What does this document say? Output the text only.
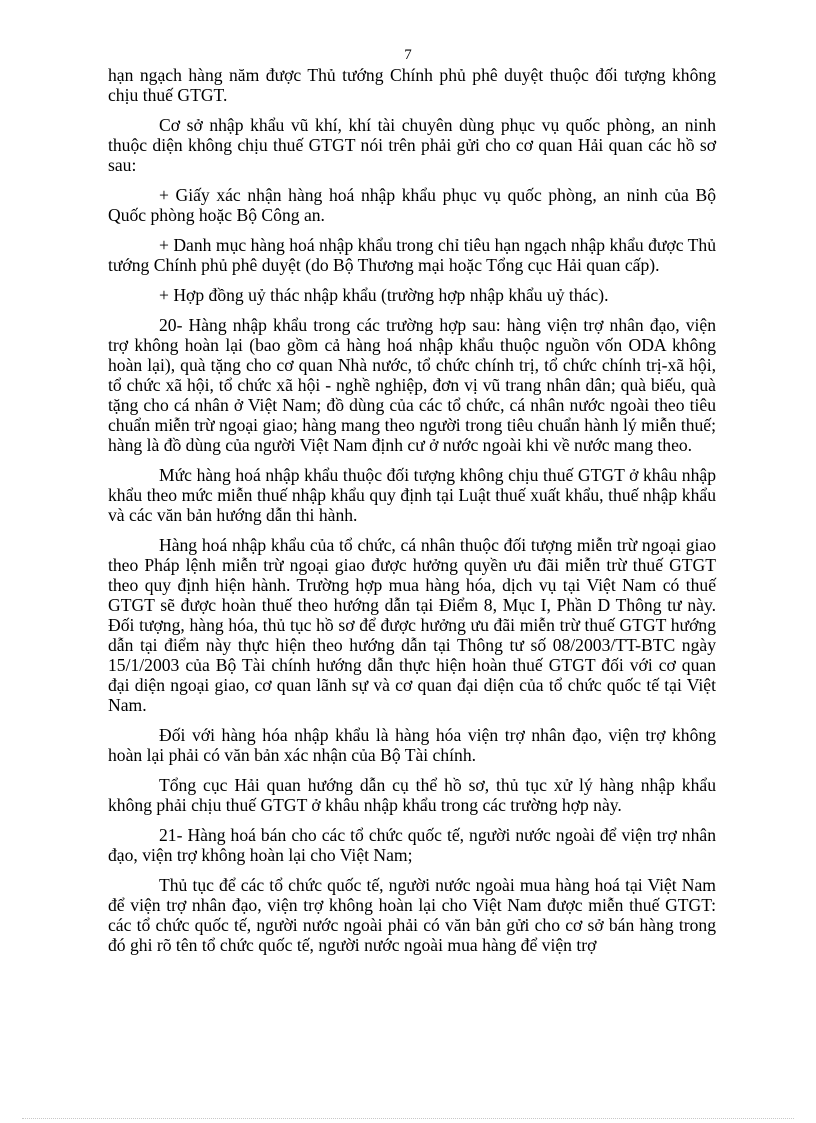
7

hạn ngạch hàng năm được Thủ tướng Chính phủ phê duyệt thuộc đối tượng không chịu thuế GTGT.

Cơ sở nhập khẩu vũ khí, khí tài chuyên dùng phục vụ quốc phòng, an ninh thuộc diện không chịu thuế GTGT nói trên phải gửi cho cơ quan Hải quan các hồ sơ sau:

+ Giấy xác nhận hàng hoá nhập khẩu phục vụ quốc phòng, an ninh của Bộ Quốc phòng hoặc Bộ Công an.

+ Danh mục hàng hoá nhập khẩu trong chỉ tiêu hạn ngạch nhập khẩu được Thủ tướng Chính phủ phê duyệt (do Bộ Thương mại hoặc Tổng cục Hải quan cấp).

+ Hợp đồng uỷ thác nhập khẩu (trường hợp nhập khẩu uỷ thác).

20- Hàng nhập khẩu trong các trường hợp sau: hàng viện trợ nhân đạo, viện trợ không hoàn lại (bao gồm cả hàng hoá nhập khẩu thuộc nguồn vốn ODA không hoàn lại), quà tặng cho cơ quan Nhà nước, tổ chức chính trị, tổ chức chính trị-xã hội, tổ chức xã hội, tổ chức xã hội - nghề nghiệp, đơn vị vũ trang nhân dân; quà biếu, quà tặng cho cá nhân ở Việt Nam; đồ dùng của các tổ chức, cá nhân nước ngoài theo tiêu chuẩn miễn trừ ngoại giao; hàng mang theo người trong tiêu chuẩn hành lý miễn thuế; hàng là đồ dùng của người Việt Nam định cư ở nước ngoài khi về nước mang theo.

Mức hàng hoá nhập khẩu thuộc đối tượng không chịu thuế GTGT ở khâu nhập khẩu theo mức miễn thuế nhập khẩu quy định tại Luật thuế xuất khẩu, thuế nhập khẩu và các văn bản hướng dẫn thi hành.

Hàng hoá nhập khẩu của tổ chức, cá nhân thuộc đối tượng miễn trừ ngoại giao theo Pháp lệnh miễn trừ ngoại giao được hưởng quyền ưu đãi miễn trừ thuế GTGT theo quy định hiện hành. Trường hợp mua hàng hóa, dịch vụ tại Việt Nam có thuế GTGT sẽ được hoàn thuế theo hướng dẫn tại Điểm 8, Mục I, Phần D Thông tư này. Đối tượng, hàng hóa, thủ tục hồ sơ để được hưởng ưu đãi miễn trừ thuế GTGT hướng dẫn tại điểm này thực hiện theo hướng dẫn tại Thông tư số 08/2003/TT-BTC ngày 15/1/2003 của Bộ Tài chính hướng dẫn thực hiện hoàn thuế GTGT đối với cơ quan đại diện ngoại giao, cơ quan lãnh sự và cơ quan đại diện của tổ chức quốc tế tại Việt Nam.

Đối với hàng hóa nhập khẩu là hàng hóa viện trợ nhân đạo, viện trợ không hoàn lại phải có văn bản xác nhận của Bộ Tài chính.

Tổng cục Hải quan hướng dẫn cụ thể hồ sơ, thủ tục xử lý hàng nhập khẩu không phải chịu thuế GTGT ở khâu nhập khẩu trong các trường hợp này.

21- Hàng hoá bán cho các tổ chức quốc tế, người nước ngoài để viện trợ nhân đạo, viện trợ không hoàn lại cho Việt Nam;

Thủ tục để các tổ chức quốc tế, người nước ngoài mua hàng hoá tại Việt Nam để viện trợ nhân đạo, viện trợ không hoàn lại cho Việt Nam được miễn thuế GTGT: các tổ chức quốc tế, người nước ngoài phải có văn bản gửi cho cơ sở bán hàng trong đó ghi rõ tên tổ chức quốc tế, người nước ngoài mua hàng để viện trợ
